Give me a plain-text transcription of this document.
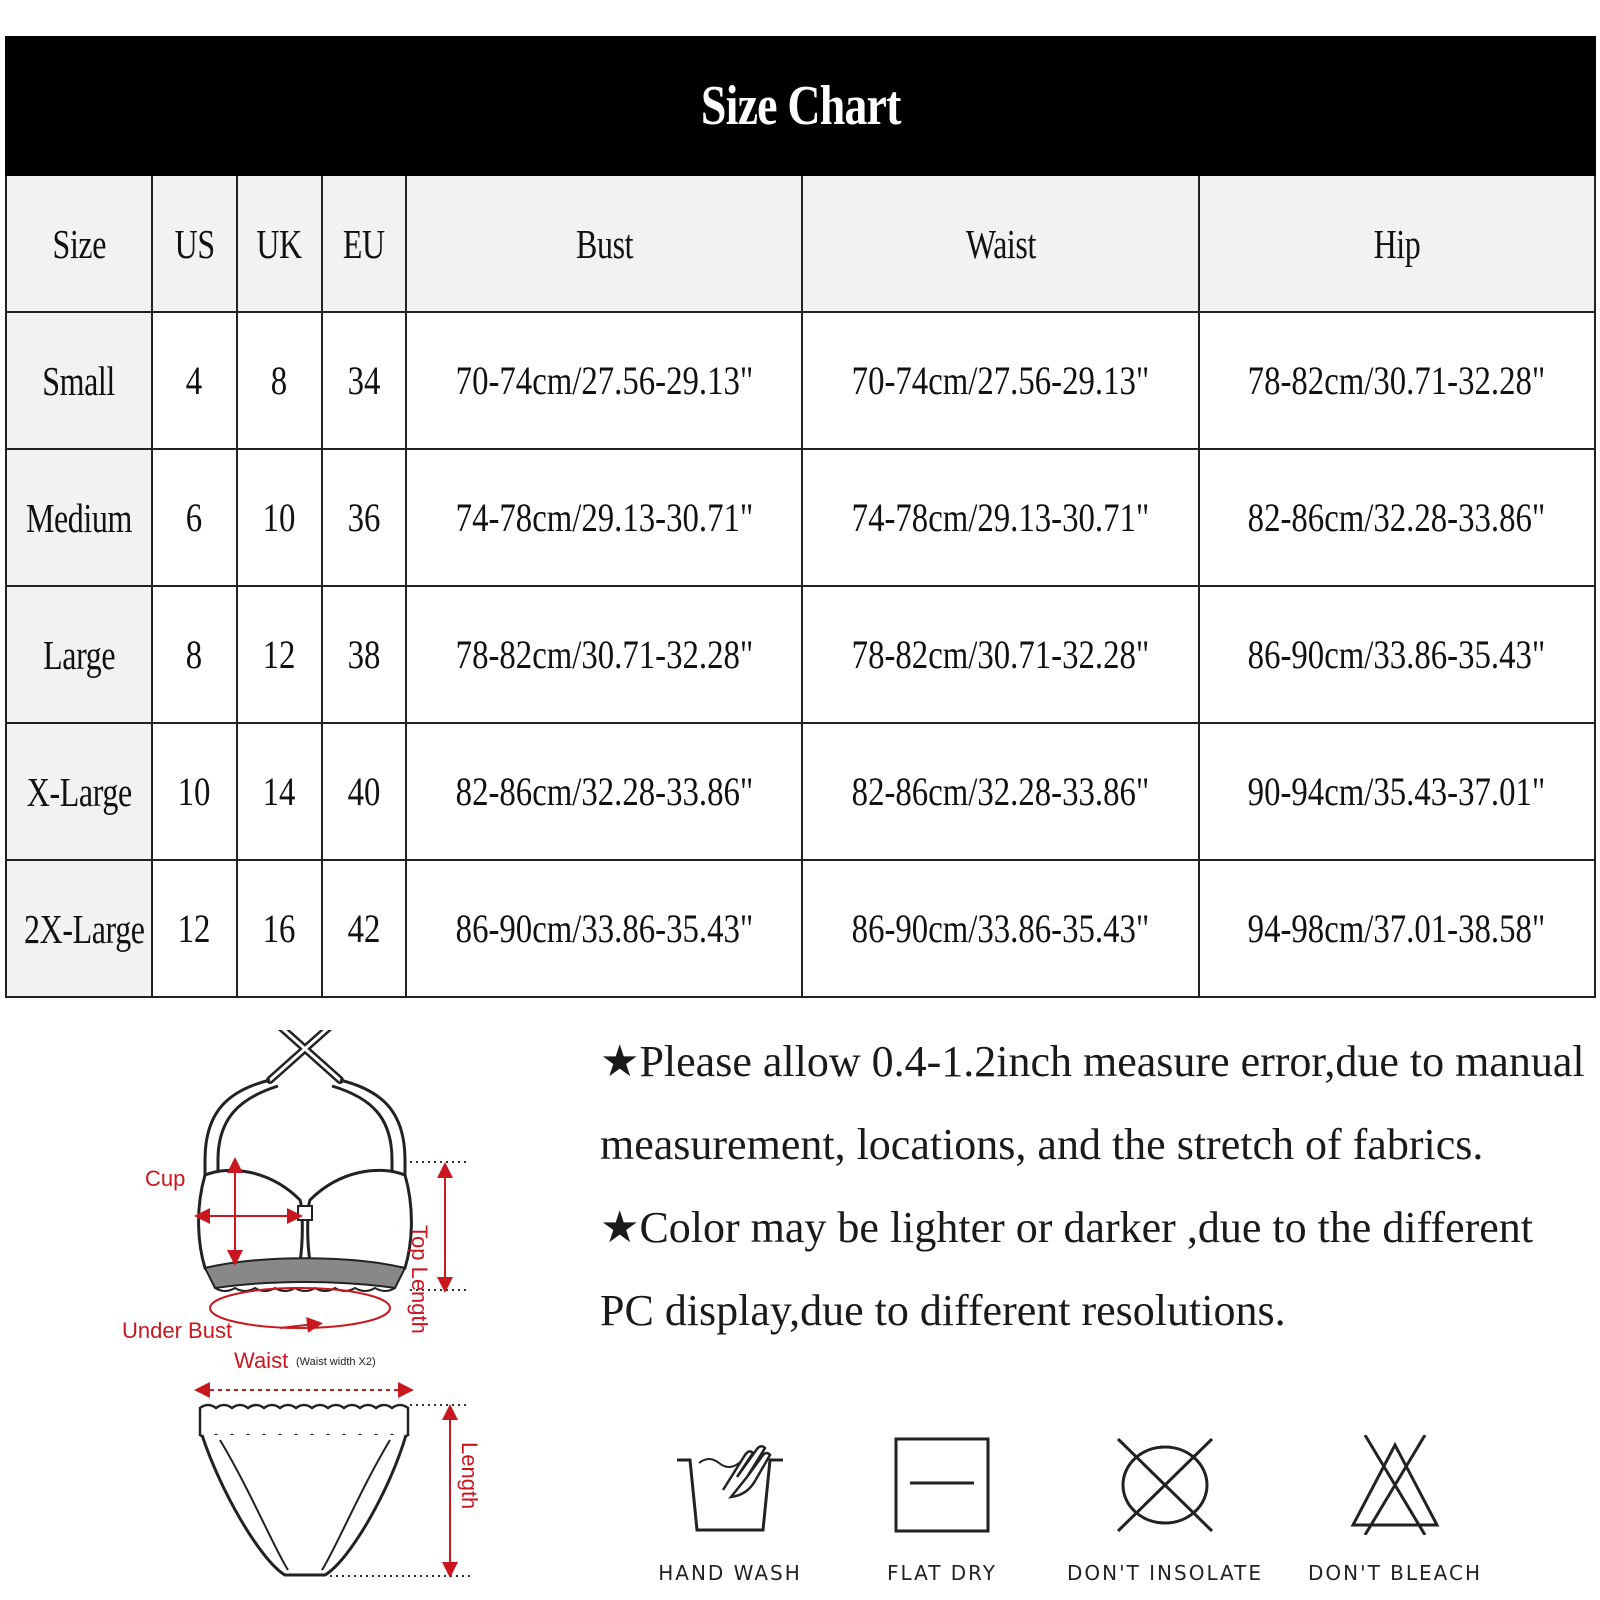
Size Chart						
Size	US	UK	EU	Bust	Waist	Hip
Small	4	8	34	70-74cm/27.56-29.13"	70-74cm/27.56-29.13"	78-82cm/30.71-32.28"
Medium	6	10	36	74-78cm/29.13-30.71"	74-78cm/29.13-30.71"	82-86cm/32.28-33.86"
Large	8	12	38	78-82cm/30.71-32.28"	78-82cm/30.71-32.28"	86-90cm/33.86-35.43"
X-Large	10	14	40	82-86cm/32.28-33.86"	82-86cm/32.28-33.86"	90-94cm/35.43-37.01"
2X-Large	12	16	42	86-90cm/33.86-35.43"	86-90cm/33.86-35.43"	94-98cm/37.01-38.58"
Cup
Top Length
Under Bust
Waist (Waist width X2)
Length

★Please allow 0.4-1.2inch measure error,due to manual measurement, locations, and the stretch of fabrics.

★Color may be lighter or darker ,due to the different PC display,due to different resolutions.

HAND WASH	FLAT DRY	DON'T INSOLATE	DON'T BLEACH
